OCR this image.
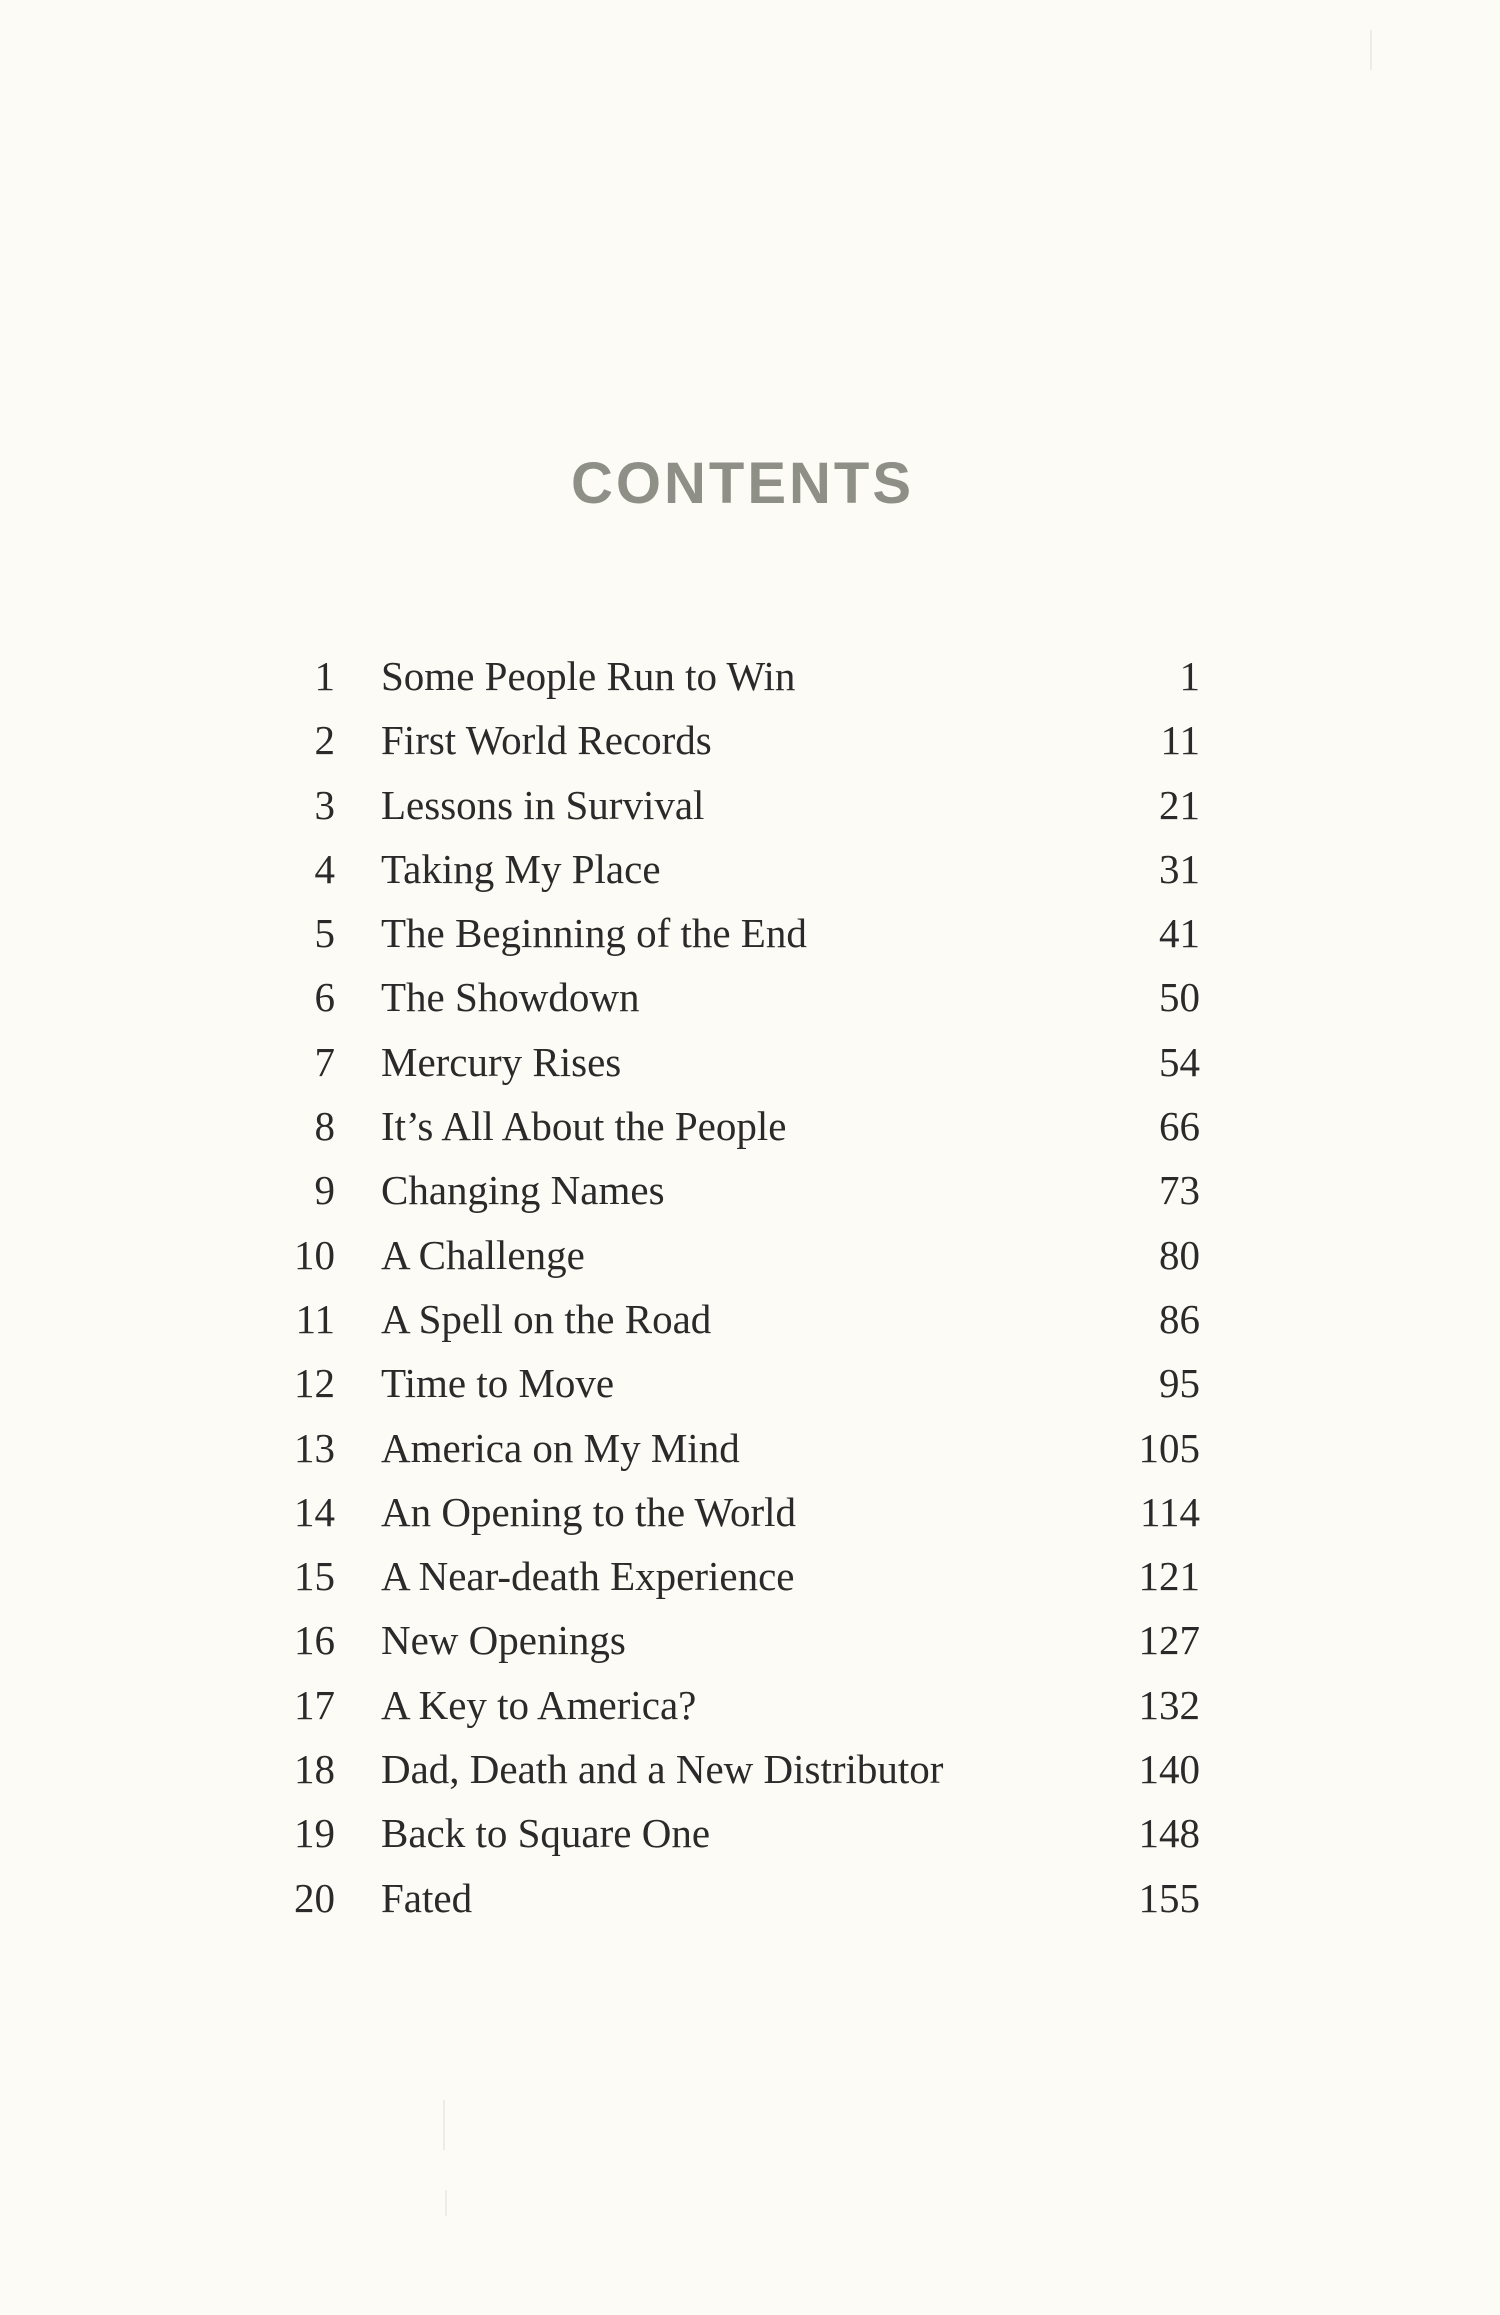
CONTENTS
1 Some People Run to Win	1
2 First World Records	11
3 Lessons in Survival	21
4 Taking My Place	31
5 The Beginning of the End	41
6 The Showdown	50
7 Mercury Rises	54
8 It’s All About the People	66
9 Changing Names	73
10 A Challenge	80
11 A Spell on the Road	86
12 Time to Move	95
13 America on My Mind	105
14 An Opening to the World	114
15 A Near-death Experience	121
16 New Openings	127
17 A Key to America?	132
18 Dad, Death and a New Distributor	140
19 Back to Square One	148
20 Fated	155
